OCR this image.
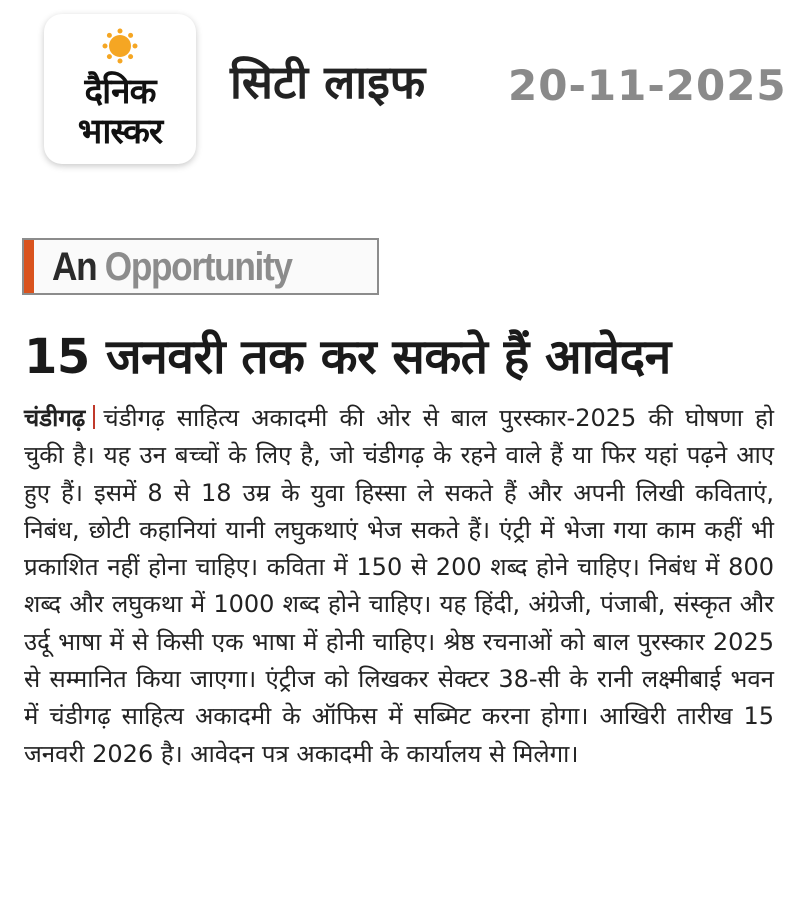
दैनिक
भास्कर
सिटी लाइफ 20-11-2025
An Opportunity
15 जनवरी तक कर सकते हैं आवेदन
चंडीगढ़ चंडीगढ़ साहित्य अकादमी की ओर से बाल पुरस्कार-2025 की घोषणा हो चुकी है। यह उन बच्चों के लिए है, जो चंडीगढ़ के रहने वाले हैं या फिर यहां पढ़ने आए हुए हैं। इसमें 8 से 18 उम्र के युवा हिस्सा ले सकते हैं और अपनी लिखी कविताएं, निबंध, छोटी कहानियां यानी लघुकथाएं भेज सकते हैं। एंट्री में भेजा गया काम कहीं भी प्रकाशित नहीं होना चाहिए। कविता में 150 से 200 शब्द होने चाहिए। निबंध में 800 शब्द और लघुकथा में 1000 शब्द होने चाहिए। यह हिंदी, अंग्रेजी, पंजाबी, संस्कृत और उर्दू भाषा में से किसी एक भाषा में होनी चाहिए। श्रेष्ठ रचनाओं को बाल पुरस्कार 2025 से सम्मानित किया जाएगा। एंट्रीज को लिखकर सेक्टर 38-सी के रानी लक्ष्मीबाई भवन में चंडीगढ़ साहित्य अकादमी के ऑफिस में सब्मिट करना होगा। आखिरी तारीख 15 जनवरी 2026 है। आवेदन पत्र अकादमी के कार्यालय से मिलेगा।
